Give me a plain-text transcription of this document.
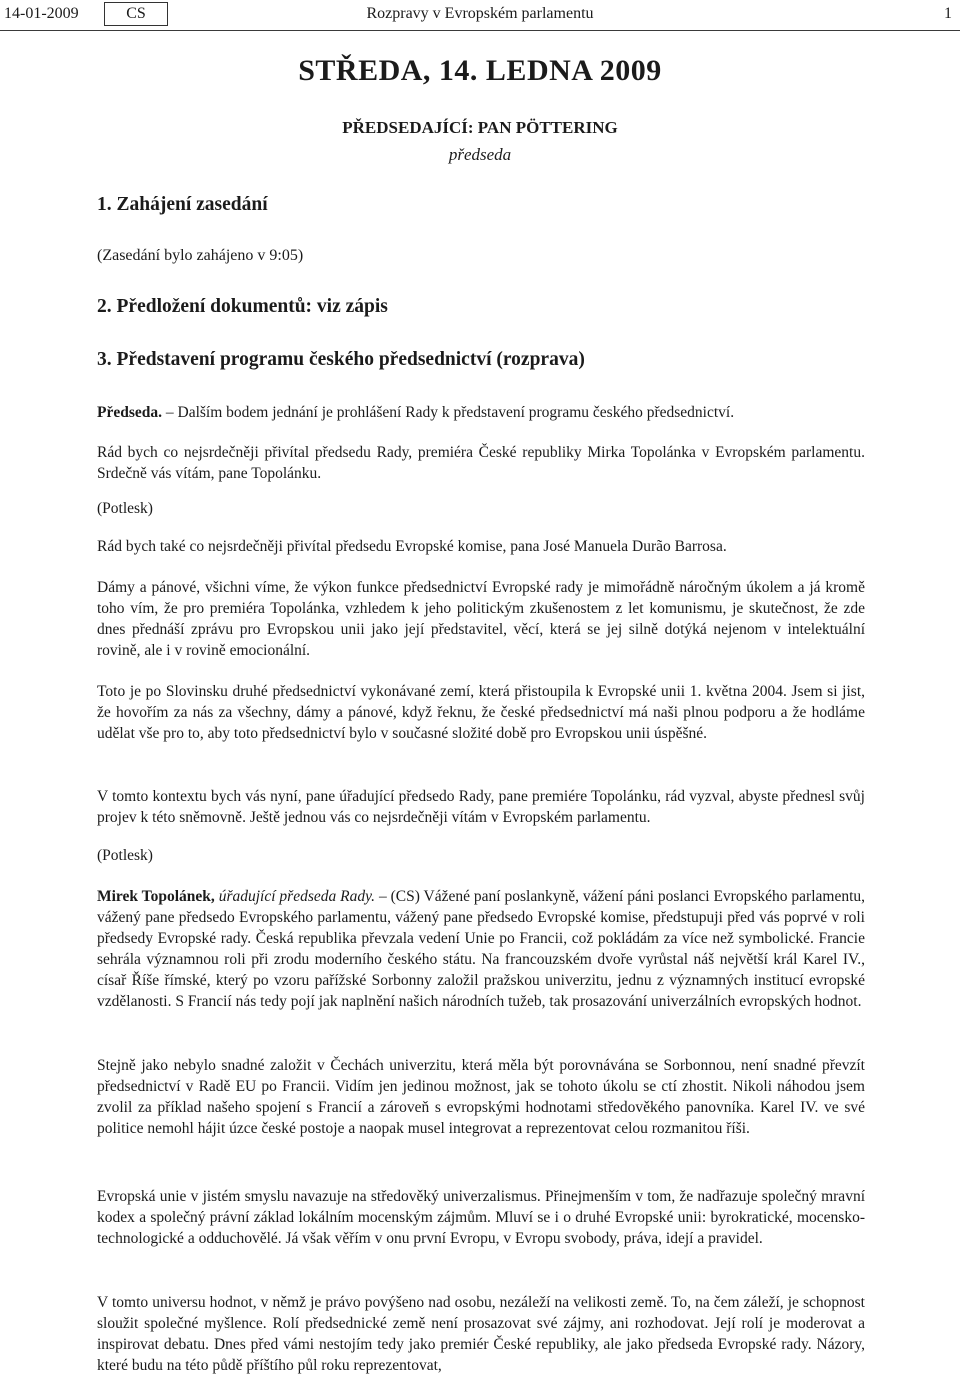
14-01-2009	CS	Rozpravy v Evropském parlamentu	1
STŘEDA, 14. LEDNA 2009
PŘEDSEDAJÍCÍ: PAN PÖTTERING
předseda
1. Zahájení zasedání
(Zasedání bylo zahájeno v 9:05)
2. Předložení dokumentů: viz zápis
3. Představení programu českého předsednictví (rozprava)
Předseda. – Dalším bodem jednání je prohlášení Rady k představení programu českého předsednictví.
Rád bych co nejsrdečněji přivítal předsedu Rady, premiéra České republiky Mirka Topolánka v Evropském parlamentu. Srdečně vás vítám, pane Topolánku.
(Potlesk)
Rád bych také co nejsrdečněji přivítal předsedu Evropské komise, pana José Manuela Durão Barrosa.
Dámy a pánové, všichni víme, že výkon funkce předsednictví Evropské rady je mimořádně náročným úkolem a já kromě toho vím, že pro premiéra Topolánka, vzhledem k jeho politickým zkušenostem z let komunismu, je skutečnost, že zde dnes přednáší zprávu pro Evropskou unii jako její představitel, věcí, která se jej silně dotýká nejenom v intelektuální rovině, ale i v rovině emocionální.
Toto je po Slovinsku druhé předsednictví vykonávané zemí, která přistoupila k Evropské unii 1. května 2004. Jsem si jist, že hovořím za nás za všechny, dámy a pánové, když řeknu, že české předsednictví má naši plnou podporu a že hodláme udělat vše pro to, aby toto předsednictví bylo v současné složité době pro Evropskou unii úspěšné.
V tomto kontextu bych vás nyní, pane úřadující předsedo Rady, pane premiére Topolánku, rád vyzval, abyste přednesl svůj projev k této sněmovně. Ještě jednou vás co nejsrdečněji vítám v Evropském parlamentu.
(Potlesk)
Mirek Topolánek, úřadující předseda Rady. – (CS) Vážené paní poslankyně, vážení páni poslanci Evropského parlamentu, vážený pane předsedo Evropského parlamentu, vážený pane předsedo Evropské komise, předstupuji před vás poprvé v roli předsedy Evropské rady. Česká republika převzala vedení Unie po Francii, což pokládám za více než symbolické. Francie sehrála významnou roli při zrodu moderního českého státu. Na francouzském dvoře vyrůstal náš největší král Karel IV., císař Říše římské, který po vzoru pařížské Sorbonny založil pražskou univerzitu, jednu z významných institucí evropské vzdělanosti. S Francií nás tedy pojí jak naplnění našich národních tužeb, tak prosazování univerzálních evropských hodnot.
Stejně jako nebylo snadné založit v Čechách univerzitu, která měla být porovnávána se Sorbonnou, není snadné převzít předsednictví v Radě EU po Francii. Vidím jen jedinou možnost, jak se tohoto úkolu se ctí zhostit. Nikoli náhodou jsem zvolil za příklad našeho spojení s Francií a zároveň s evropskými hodnotami středověkého panovníka. Karel IV. ve své politice nemohl hájit úzce české postoje a naopak musel integrovat a reprezentovat celou rozmanitou říši.
Evropská unie v jistém smyslu navazuje na středověký univerzalismus. Přinejmenším v tom, že nadřazuje společný mravní kodex a společný právní základ lokálním mocenským zájmům. Mluví se i o druhé Evropské unii: byrokratické, mocensko-technologické a odduchovělé. Já však věřím v onu první Evropu, v Evropu svobody, práva, idejí a pravidel.
V tomto universu hodnot, v němž je právo povýšeno nad osobu, nezáleží na velikosti země. To, na čem záleží, je schopnost sloužit společné myšlence. Rolí předsednické země není prosazovat své zájmy, ani rozhodovat. Její rolí je moderovat a inspirovat debatu. Dnes před vámi nestojím tedy jako premiér České republiky, ale jako předseda Evropské rady. Názory, které budu na této půdě příštího půl roku reprezentovat,
